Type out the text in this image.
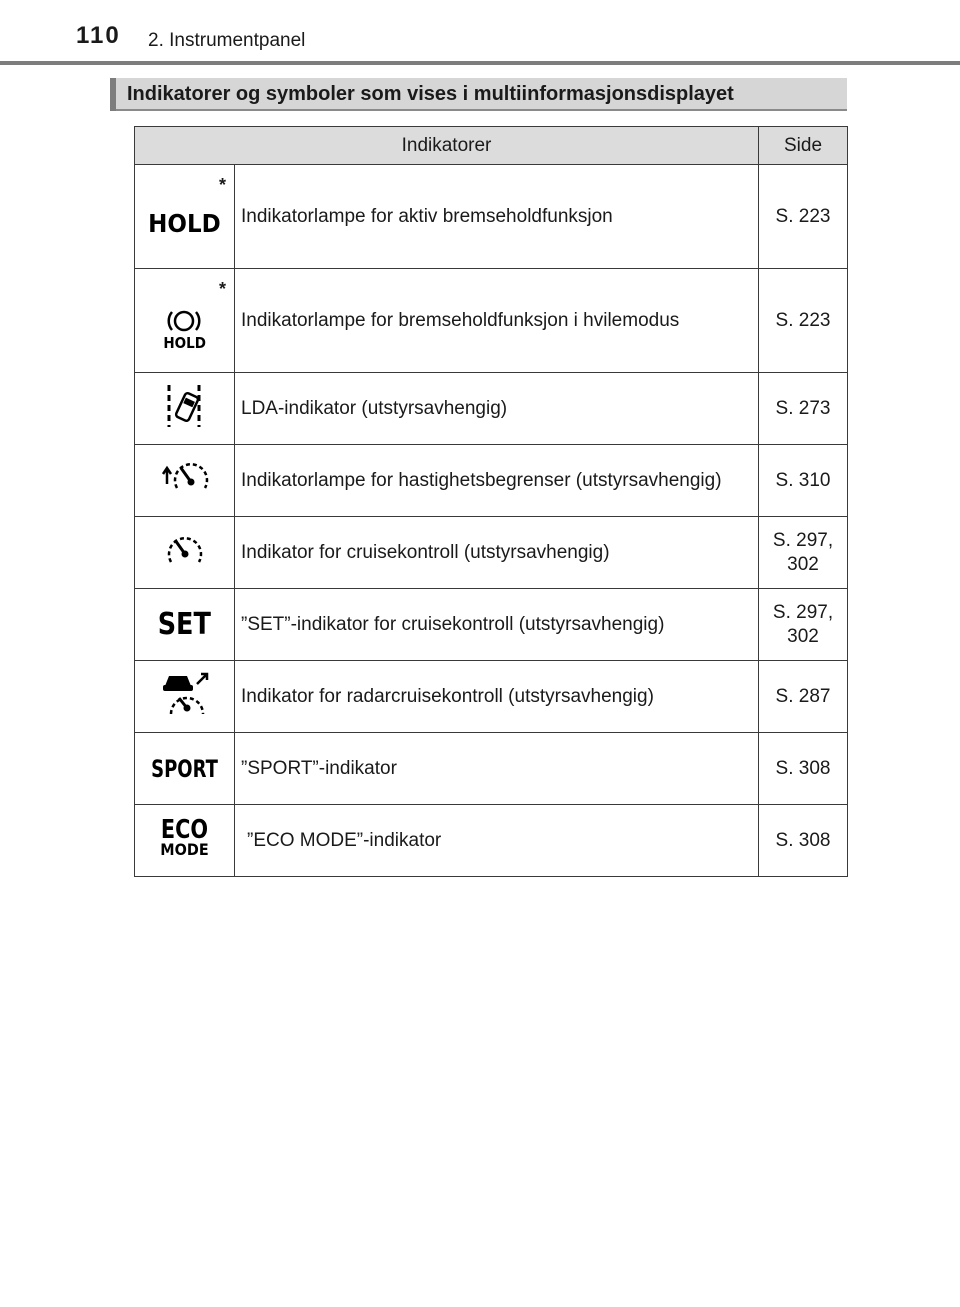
110 2. Instrumentpanel
Indikatorer og symboler som vises i multiinformasjonsdisplayet
Indikatorer		Side

*
HOLD	Indikatorlampe for aktiv bremseholdfunksjon	S. 223

*
HOLD	Indikatorlampe for bremseholdfunksjon i hvilemodus	S. 223
	LDA-indikator (utstyrsavhengig)	S. 273
	Indikatorlampe for hastighetsbegrenser (utstyrsavhengig)	S. 310
	Indikator for cruisekontroll (utstyrsavhengig)	S. 297, 302
SET	”SET”-indikator for cruisekontroll (utstyrsavhengig)	S. 297, 302
	Indikator for radarcruisekontroll (utstyrsavhengig)	S. 287
SPORT	”SPORT”-indikator	S. 308

ECO
MODE	”ECO MODE”-indikator	S. 308
